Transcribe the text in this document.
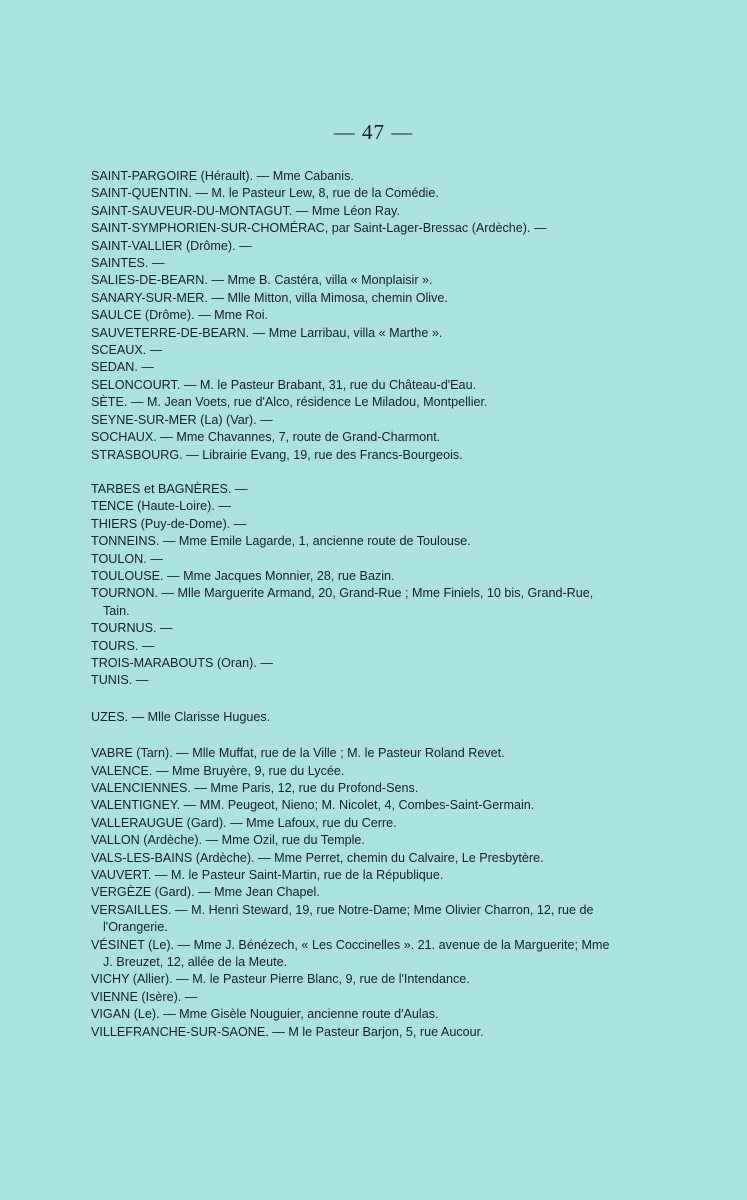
— 47 —
SAINT-PARGOIRE (Hérault). — Mme Cabanis.
SAINT-QUENTIN. — M. le Pasteur Lew, 8, rue de la Comédie.
SAINT-SAUVEUR-DU-MONTAGUT. — Mme Léon Ray.
SAINT-SYMPHORIEN-SUR-CHOMÉRAC, par Saint-Lager-Bressac (Ardèche). —
SAINT-VALLIER (Drôme). —
SAINTES. —
SALIES-DE-BEARN. — Mme B. Castéra, villa « Monplaisir ».
SANARY-SUR-MER. — Mlle Mitton, villa Mimosa, chemin Olive.
SAULCE (Drôme). — Mme Roi.
SAUVETERRE-DE-BEARN. — Mme Larribau, villa « Marthe ».
SCEAUX. —
SEDAN. —
SELONCOURT. — M. le Pasteur Brabant, 31, rue du Château-d'Eau.
SÈTE. — M. Jean Voets, rue d'Alco, résidence Le Miladou, Montpellier.
SEYNE-SUR-MER (La) (Var). —
SOCHAUX. — Mme Chavannes, 7, route de Grand-Charmont.
STRASBOURG. — Librairie Evang, 19, rue des Francs-Bourgeois.
TARBES et BAGNÈRES. —
TENCE (Haute-Loire). —
THIERS (Puy-de-Dome). —
TONNEINS. — Mme Emile Lagarde, 1, ancienne route de Toulouse.
TOULON. —
TOULOUSE. — Mme Jacques Monnier, 28, rue Bazin.
TOURNON. — Mlle Marguerite Armand, 20, Grand-Rue ; Mme Finiels, 10 bis, Grand-Rue, Tain.
TOURNUS. —
TOURS. —
TROIS-MARABOUTS (Oran). —
TUNIS. —
UZES. — Mlle Clarisse Hugues.
VABRE (Tarn). — Mlle Muffat, rue de la Ville ; M. le Pasteur Roland Revet.
VALENCE. — Mme Bruyère, 9, rue du Lycée.
VALENCIENNES. — Mme Paris, 12, rue du Profond-Sens.
VALENTIGNEY. — MM. Peugeot, Nieno; M. Nicolet, 4, Combes-Saint-Germain.
VALLERAUGUE (Gard). — Mme Lafoux, rue du Cerre.
VALLON (Ardèche). — Mme Ozil, rue du Temple.
VALS-LES-BAINS (Ardèche). — Mme Perret, chemin du Calvaire, Le Presbytère.
VAUVERT. — M. le Pasteur Saint-Martin, rue de la République.
VERGÈZE (Gard). — Mme Jean Chapel.
VERSAILLES. — M. Henri Steward, 19, rue Notre-Dame; Mme Olivier Charron, 12, rue de l'Orangerie.
VÉSINET (Le). — Mme J. Bénézech, « Les Coccinelles ». 21. avenue de la Marguerite; Mme J. Breuzet, 12, allée de la Meute.
VICHY (Allier). — M. le Pasteur Pierre Blanc, 9, rue de l'Intendance.
VIENNE (Isère). —
VIGAN (Le). — Mme Gisèle Nouguier, ancienne route d'Aulas.
VILLEFRANCHE-SUR-SAONE. — M le Pasteur Barjon, 5, rue Aucour.
